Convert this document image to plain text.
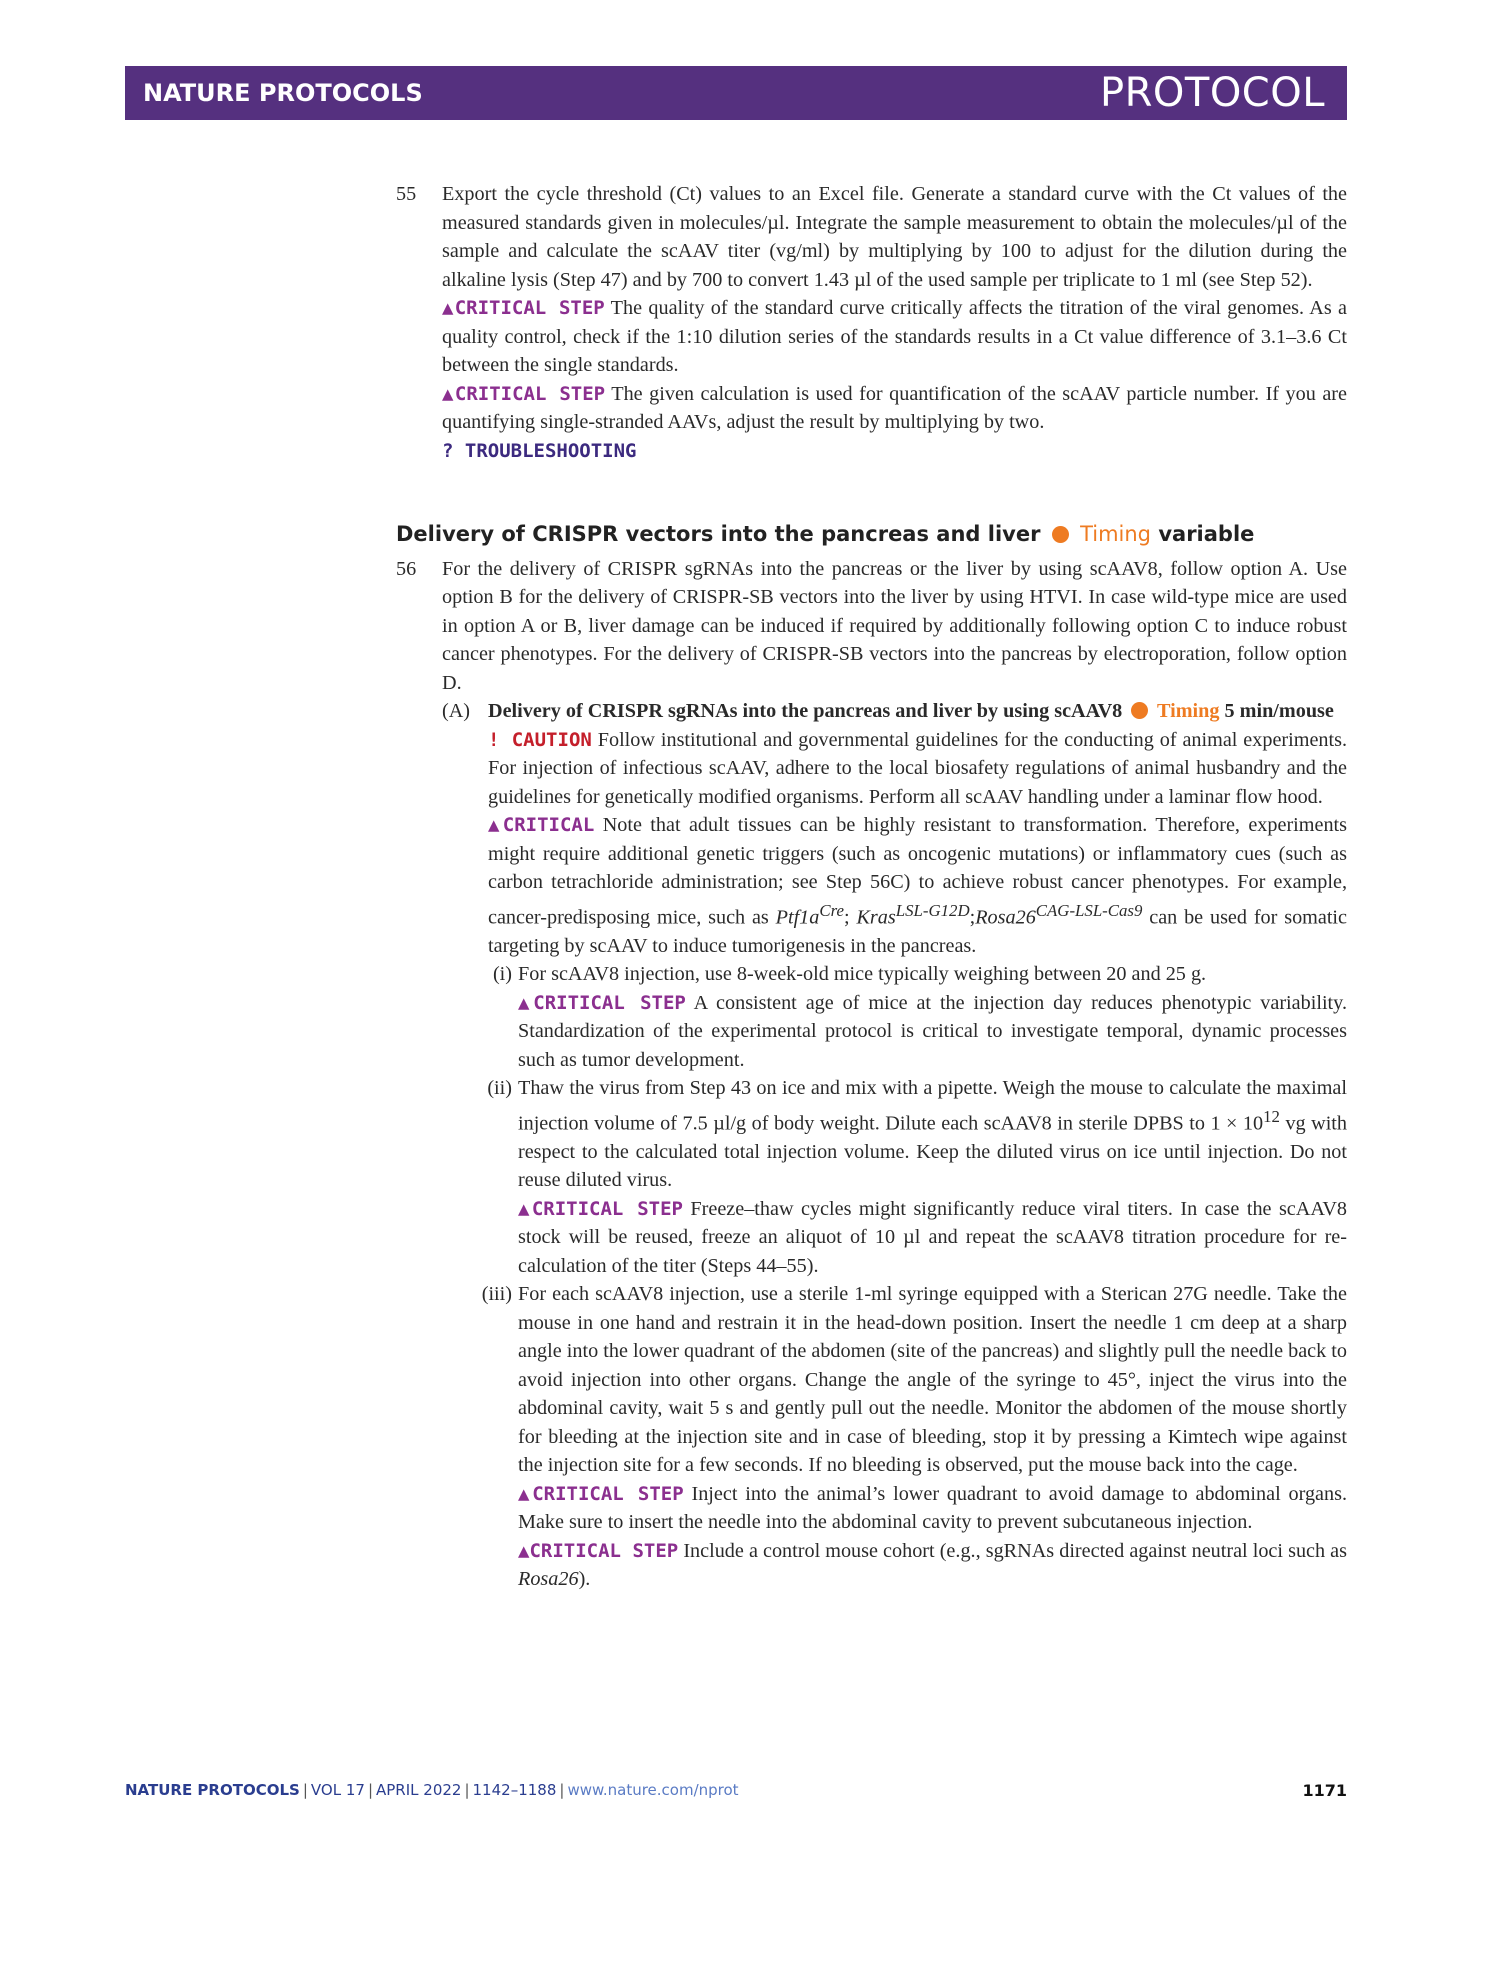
NATURE PROTOCOLS	PROTOCOL
55 Export the cycle threshold (Ct) values to an Excel file. Generate a standard curve with the Ct values of the measured standards given in molecules/µl. Integrate the sample measurement to obtain the molecules/µl of the sample and calculate the scAAV titer (vg/ml) by multiplying by 100 to adjust for the dilution during the alkaline lysis (Step 47) and by 700 to convert 1.43 µl of the used sample per triplicate to 1 ml (see Step 52).

▲CRITICAL STEP The quality of the standard curve critically affects the titration of the viral genomes. As a quality control, check if the 1:10 dilution series of the standards results in a Ct value difference of 3.1–3.6 Ct between the single standards.

▲CRITICAL STEP The given calculation is used for quantification of the scAAV particle number. If you are quantifying single-stranded AAVs, adjust the result by multiplying by two.

? TROUBLESHOOTING

Delivery of CRISPR vectors into the pancreas and liver Timing variable
56 For the delivery of CRISPR sgRNAs into the pancreas or the liver by using scAAV8, follow option A. Use option B for the delivery of CRISPR-SB vectors into the liver by using HTVI. In case wild-type mice are used in option A or B, liver damage can be induced if required by additionally following option C to induce robust cancer phenotypes. For the delivery of CRISPR-SB vectors into the pancreas by electroporation, follow option D.

(A) Delivery of CRISPR sgRNAs into the pancreas and liver by using scAAV8 Timing 5 min/mouse

! CAUTION Follow institutional and governmental guidelines for the conducting of animal experiments. For injection of infectious scAAV, adhere to the local biosafety regulations of animal husbandry and the guidelines for genetically modified organisms. Perform all scAAV handling under a laminar flow hood.

▲CRITICAL Note that adult tissues can be highly resistant to transformation. Therefore, experiments might require additional genetic triggers (such as oncogenic mutations) or inflammatory cues (such as carbon tetrachloride administration; see Step 56C) to achieve robust cancer phenotypes. For example, cancer-predisposing mice, such as $Ptf1a^{Cre}$; $Kras^{LSL-G12D};Rosa26^{CAG-LSL-Cas9}$ can be used for somatic targeting by scAAV to induce tumorigenesis in the pancreas.

(i) For scAAV8 injection, use 8-week-old mice typically weighing between 20 and 25 g.

▲CRITICAL STEP A consistent age of mice at the injection day reduces phenotypic variability. Standardization of the experimental protocol is critical to investigate temporal, dynamic processes such as tumor development.

(ii) Thaw the virus from Step 43 on ice and mix with a pipette. Weigh the mouse to calculate the maximal injection volume of 7.5 µl/g of body weight. Dilute each scAAV8 in sterile DPBS to $1 \times 10^{12}$ vg with respect to the calculated total injection volume. Keep the diluted virus on ice until injection. Do not reuse diluted virus.

▲CRITICAL STEP Freeze–thaw cycles might significantly reduce viral titers. In case the scAAV8 stock will be reused, freeze an aliquot of 10 µl and repeat the scAAV8 titration procedure for re-calculation of the titer (Steps 44–55).

(iii) For each scAAV8 injection, use a sterile 1-ml syringe equipped with a Sterican 27G needle. Take the mouse in one hand and restrain it in the head-down position. Insert the needle 1 cm deep at a sharp angle into the lower quadrant of the abdomen (site of the pancreas) and slightly pull the needle back to avoid injection into other organs. Change the angle of the syringe to 45°, inject the virus into the abdominal cavity, wait 5 s and gently pull out the needle. Monitor the abdomen of the mouse shortly for bleeding at the injection site and in case of bleeding, stop it by pressing a Kimtech wipe against the injection site for a few seconds. If no bleeding is observed, put the mouse back into the cage.

▲CRITICAL STEP Inject into the animal’s lower quadrant to avoid damage to abdominal organs. Make sure to insert the needle into the abdominal cavity to prevent subcutaneous injection.

▲CRITICAL STEP Include a control mouse cohort (e.g., sgRNAs directed against neutral loci such as Rosa26).

NATURE PROTOCOLS | VOL 17 | APRIL 2022 | 1142–1188 | www.nature.com/nprot	1171
